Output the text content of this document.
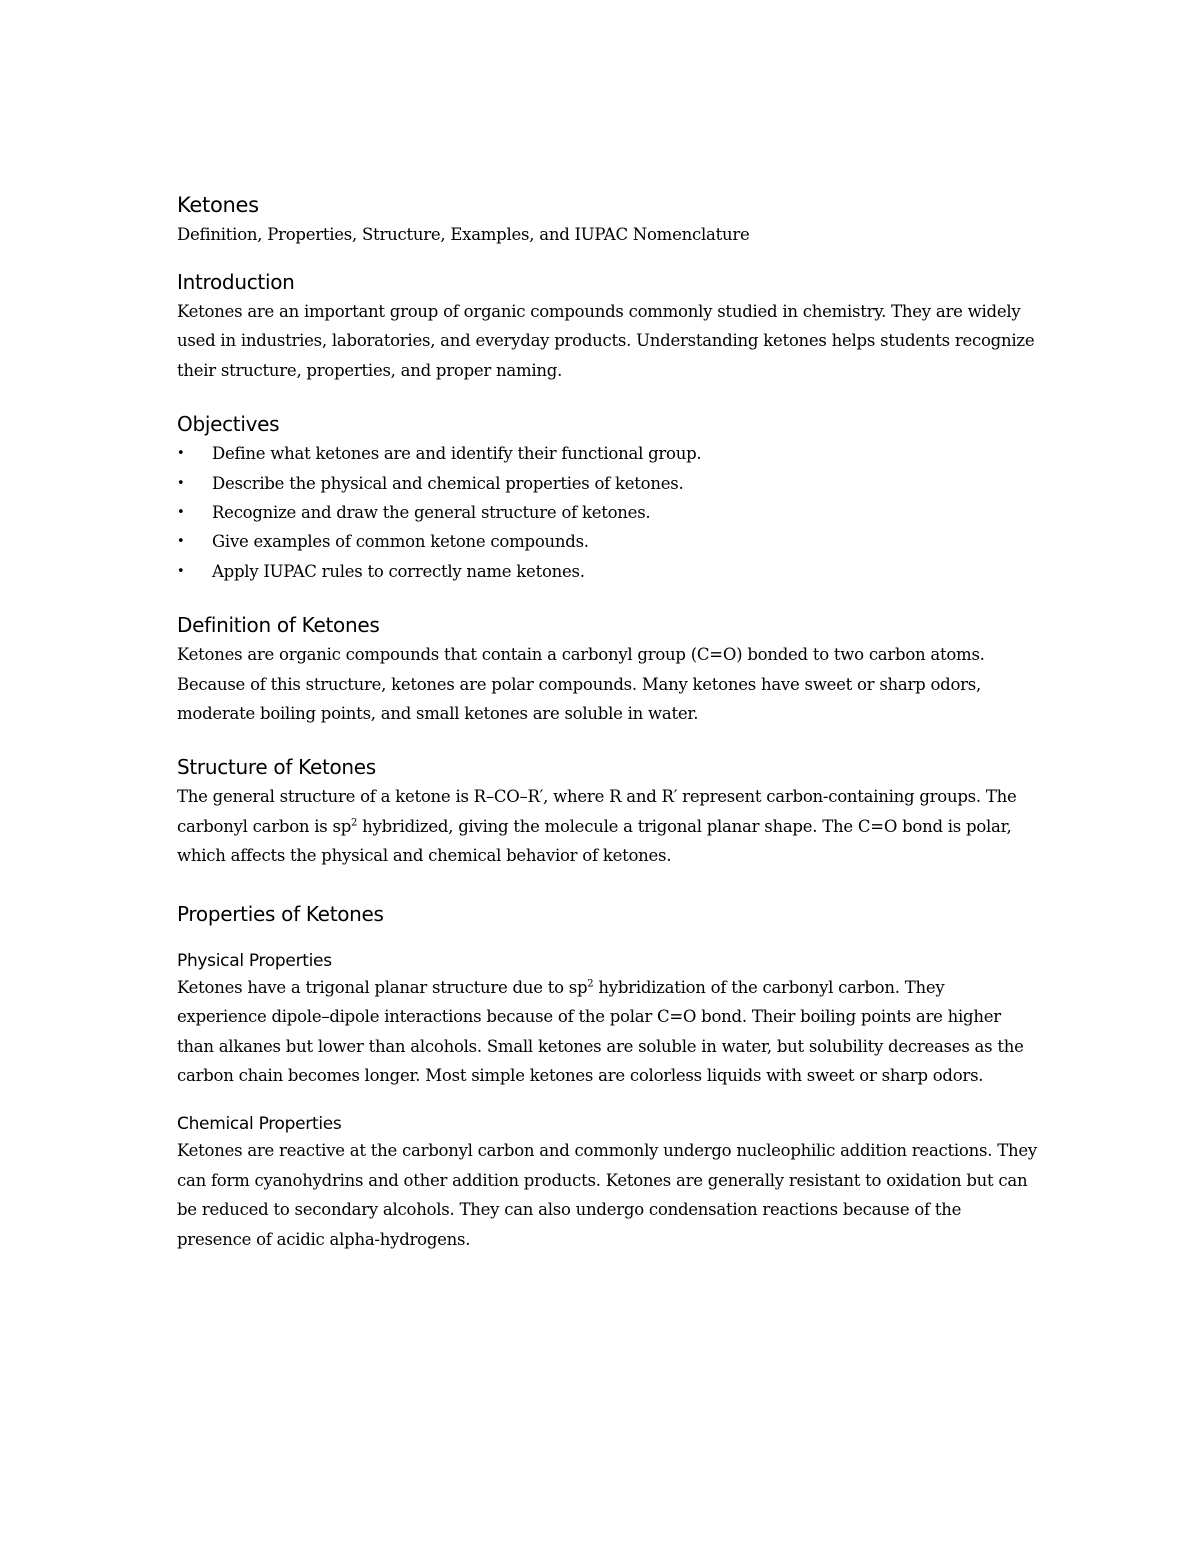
Ketones

Definition, Properties, Structure, Examples, and IUPAC Nomenclature

Introduction

Ketones are an important group of organic compounds commonly studied in chemistry. They are widely used in industries, laboratories, and everyday products. Understanding ketones helps students recognize their structure, properties, and proper naming.

Objectives
• Define what ketones are and identify their functional group.
• Describe the physical and chemical properties of ketones.
• Recognize and draw the general structure of ketones.
• Give examples of common ketone compounds.
• Apply IUPAC rules to correctly name ketones.
Definition of Ketones

Ketones are organic compounds that contain a carbonyl group (C=O) bonded to two carbon atoms. Because of this structure, ketones are polar compounds. Many ketones have sweet or sharp odors, moderate boiling points, and small ketones are soluble in water.

Structure of Ketones

The general structure of a ketone is R–CO–R′, where R and R′ represent carbon-containing groups. The carbonyl carbon is $sp^2$ hybridized, giving the molecule a trigonal planar shape. The C=O bond is polar, which affects the physical and chemical behavior of ketones.

Properties of Ketones
Physical Properties

Ketones have a trigonal planar structure due to $sp^2$ hybridization of the carbonyl carbon. They experience dipole–dipole interactions because of the polar C=O bond. Their boiling points are higher than alkanes but lower than alcohols. Small ketones are soluble in water, but solubility decreases as the carbon chain becomes longer. Most simple ketones are colorless liquids with sweet or sharp odors.

Chemical Properties

Ketones are reactive at the carbonyl carbon and commonly undergo nucleophilic addition reactions. They can form cyanohydrins and other addition products. Ketones are generally resistant to oxidation but can be reduced to secondary alcohols. They can also undergo condensation reactions because of the presence of acidic alpha-hydrogens.
